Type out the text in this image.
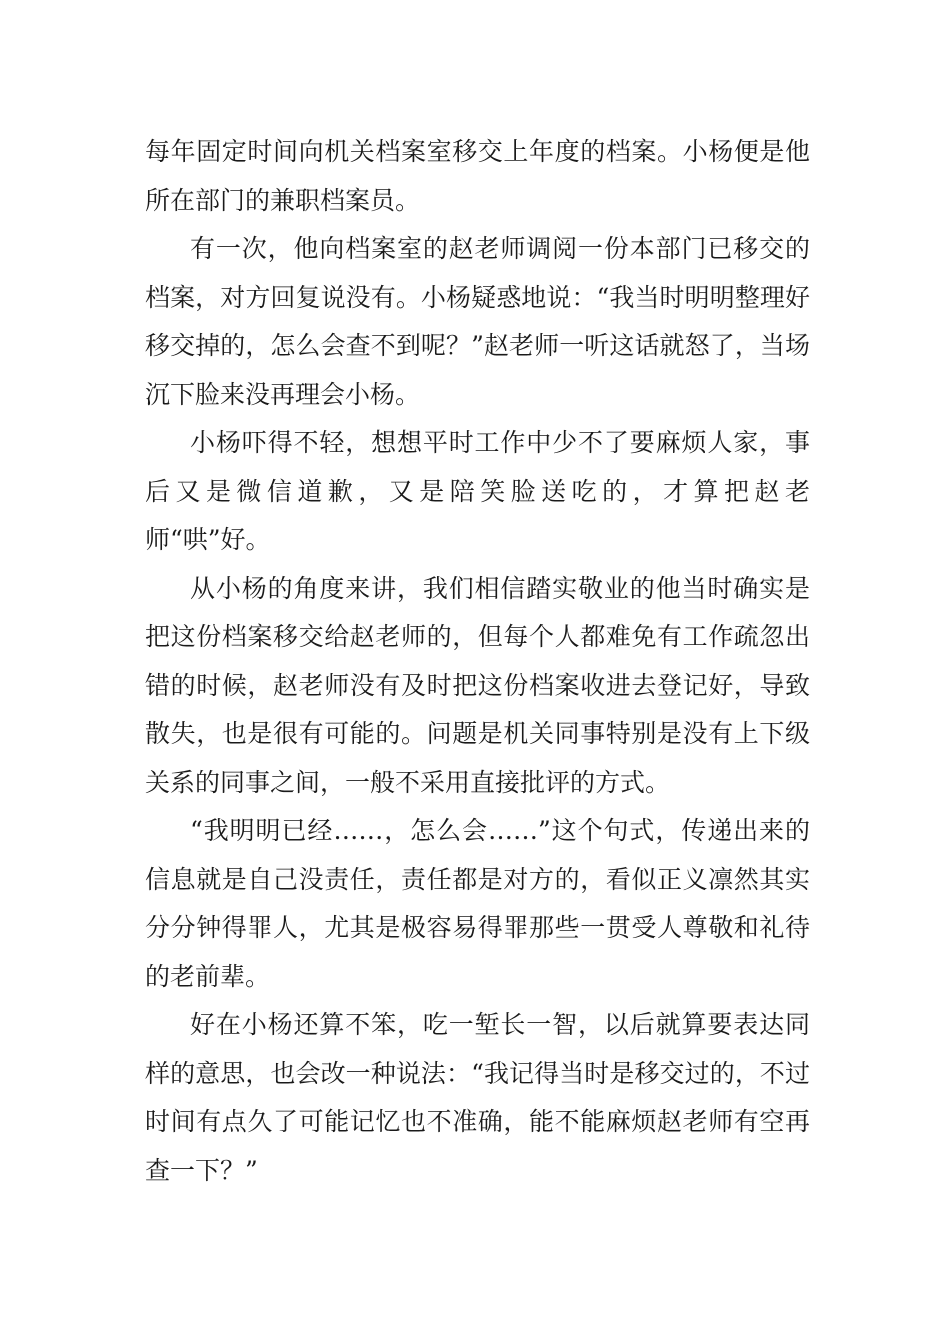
每年固定时间向机关档案室移交上年度的档案。小杨便是他所在部门的兼职档案员。

有一次，他向档案室的赵老师调阅一份本部门已移交的档案，对方回复说没有。小杨疑惑地说：“我当时明明整理好移交掉的，怎么会查不到呢？”赵老师一听这话就怒了，当场沉下脸来没再理会小杨。

小杨吓得不轻，想想平时工作中少不了要麻烦人家，事后又是微信道歉，又是陪笑脸送吃的，才算把赵老师“哄”好。

从小杨的角度来讲，我们相信踏实敬业的他当时确实是把这份档案移交给赵老师的，但每个人都难免有工作疏忽出错的时候，赵老师没有及时把这份档案收进去登记好，导致散失，也是很有可能的。问题是机关同事特别是没有上下级关系的同事之间，一般不采用直接批评的方式。

“我明明已经……，怎么会……”这个句式，传递出来的信息就是自己没责任，责任都是对方的，看似正义凛然其实分分钟得罪人，尤其是极容易得罪那些一贯受人尊敬和礼待的老前辈。

好在小杨还算不笨，吃一堑长一智，以后就算要表达同样的意思，也会改一种说法：“我记得当时是移交过的，不过时间有点久了可能记忆也不准确，能不能麻烦赵老师有空再查一下？”
